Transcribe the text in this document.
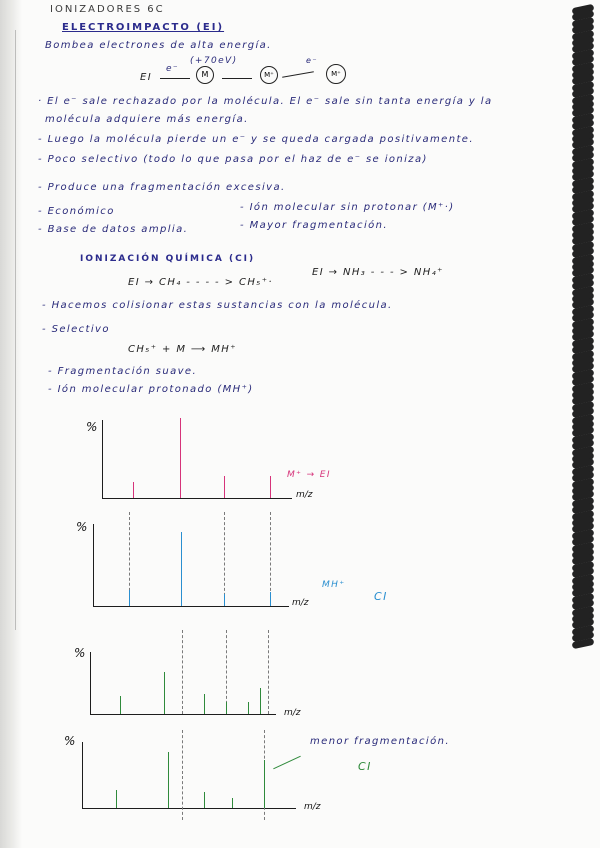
IONIZADORES 6C
ELECTROIMPACTO (EI)
Bombea electrones de alta energía.
(+70eV)
EI
e⁻
M	M⁺
e⁻
M⁺
· El e⁻ sale rechazado por la molécula. El e⁻ sale sin tanta energía y la
molécula adquiere más energía.
- Luego la molécula pierde un e⁻ y se queda cargada positivamente.
- Poco selectivo (todo lo que pasa por el haz de e⁻ se ioniza)
- Produce una fragmentación excesiva.
- Económico	- Ión molecular sin protonar (M⁺·)
- Base de datos amplia.	- Mayor fragmentación.
IONIZACIÓN QUÍMICA (CI)
EI → CH₄ - - - - > CH₅⁺·
EI → NH₃ - - - > NH₄⁺
- Hacemos colisionar estas sustancias con la molécula.
- Selectivo
CH₅⁺ + M ⟶ MH⁺
- Fragmentación suave.
- Ión molecular protonado (MH⁺)
%
m/z
M⁺ → EI
%
m/z
MH⁺
CI
%
m/z
%
m/z
menor fragmentación.
CI
